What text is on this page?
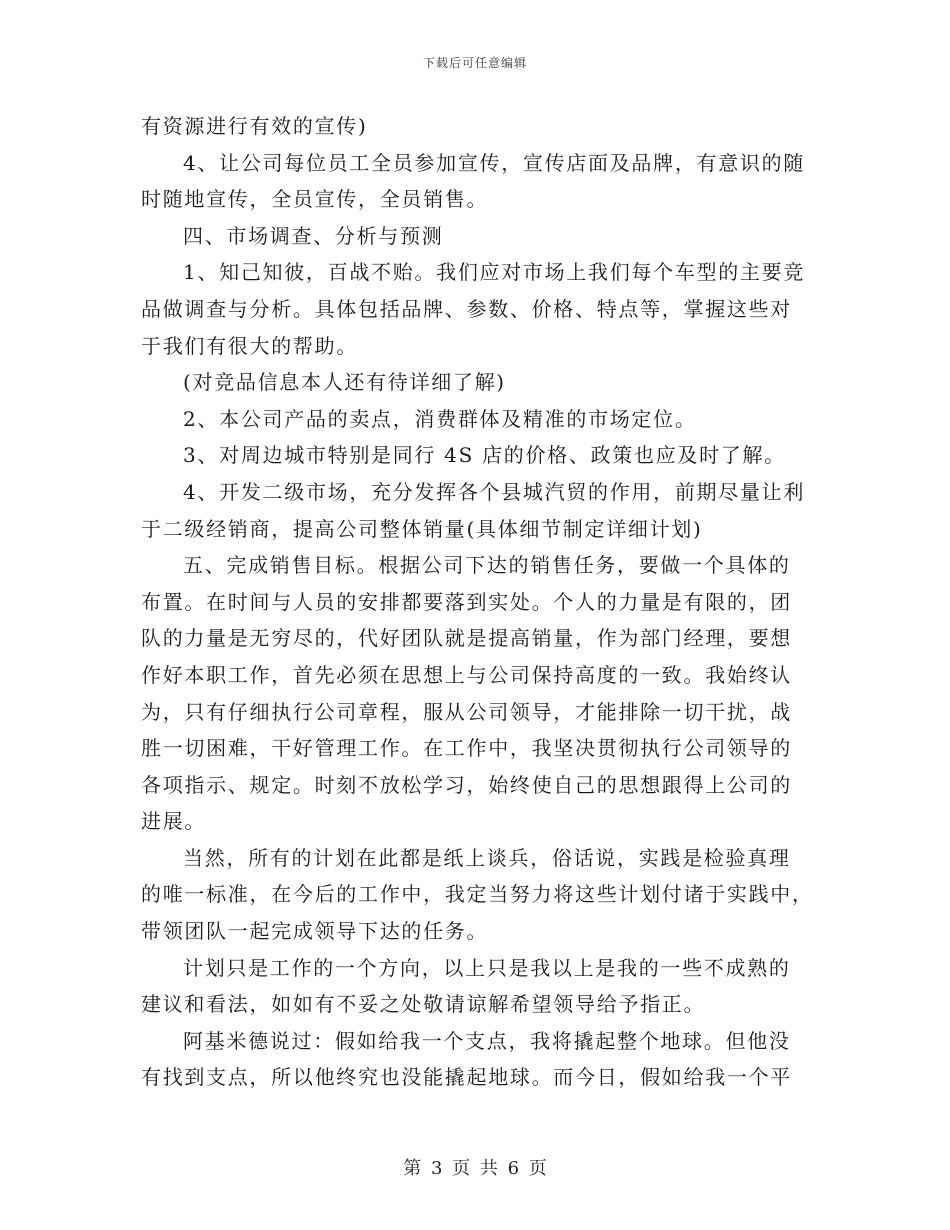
下载后可任意编辑
有资源进行有效的宣传)
4、让公司每位员工全员参加宣传，宣传店面及品牌，有意识的随
时随地宣传，全员宣传，全员销售。
四、市场调查、分析与预测
1、知己知彼，百战不贻。我们应对市场上我们每个车型的主要竞
品做调查与分析。具体包括品牌、参数、价格、特点等，掌握这些对
于我们有很大的帮助。
(对竞品信息本人还有待详细了解)
2、本公司产品的卖点，消费群体及精准的市场定位。
3、对周边城市特别是同行 4S 店的价格、政策也应及时了解。
4、开发二级市场，充分发挥各个县城汽贸的作用，前期尽量让利
于二级经销商，提高公司整体销量(具体细节制定详细计划)
五、完成销售目标。根据公司下达的销售任务，要做一个具体的
布置。在时间与人员的安排都要落到实处。个人的力量是有限的，团
队的力量是无穷尽的，代好团队就是提高销量，作为部门经理，要想
作好本职工作，首先必须在思想上与公司保持高度的一致。我始终认
为，只有仔细执行公司章程，服从公司领导，才能排除一切干扰，战
胜一切困难，干好管理工作。在工作中，我坚决贯彻执行公司领导的
各项指示、规定。时刻不放松学习，始终使自己的思想跟得上公司的
进展。
当然，所有的计划在此都是纸上谈兵，俗话说，实践是检验真理
的唯一标准，在今后的工作中，我定当努力将这些计划付诸于实践中，
带领团队一起完成领导下达的任务。
计划只是工作的一个方向，以上只是我以上是我的一些不成熟的
建议和看法，如如有不妥之处敬请谅解希望领导给予指正。
阿基米德说过：假如给我一个支点，我将撬起整个地球。但他没
有找到支点，所以他终究也没能撬起地球。而今日，假如给我一个平
第 3 页 共 6 页
